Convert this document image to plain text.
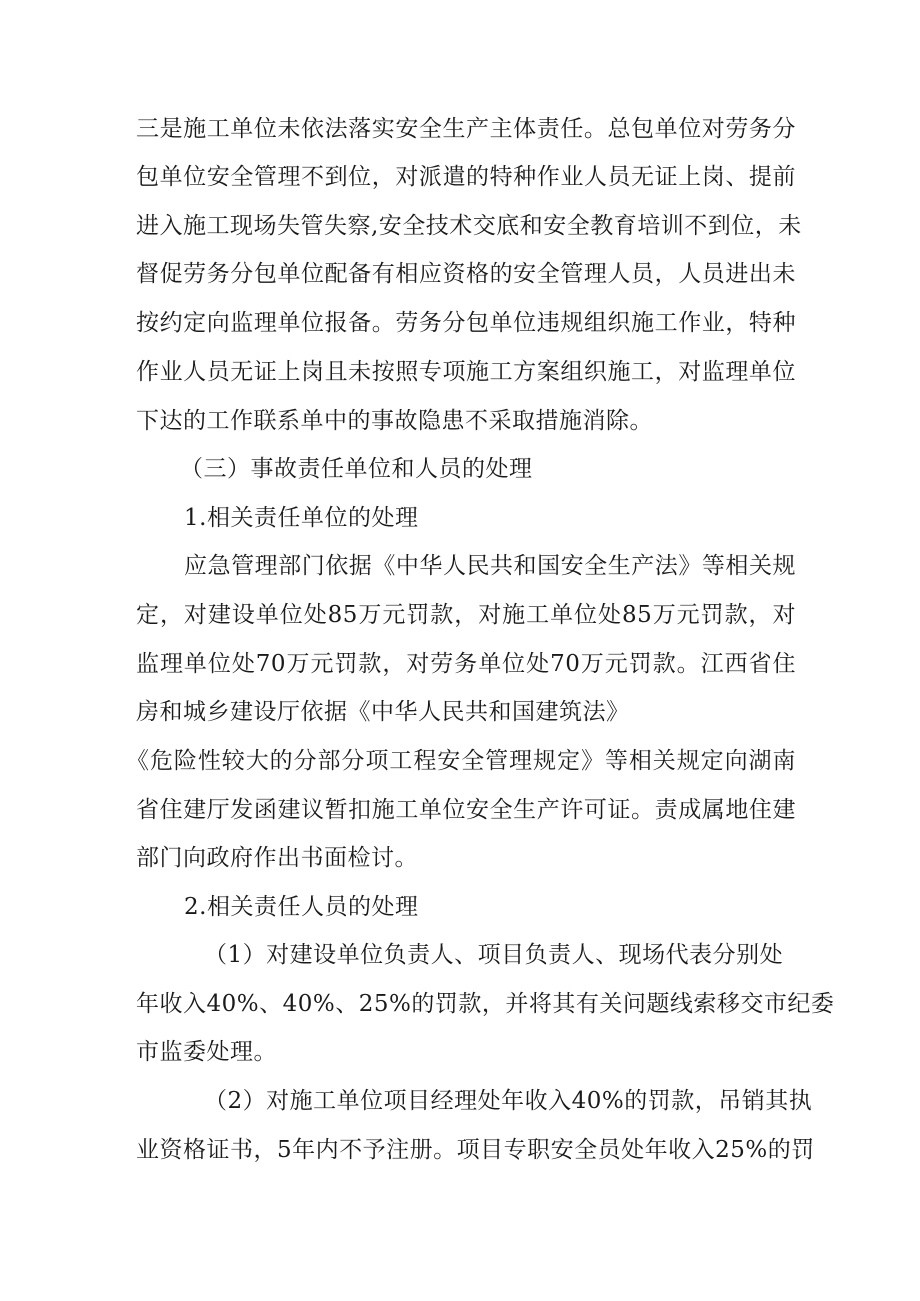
三是施工单位未依法落实安全生产主体责任。总包单位对劳务分
包单位安全管理不到位，对派遣的特种作业人员无证上岗、提前
进入施工现场失管失察,安全技术交底和安全教育培训不到位，未
督促劳务分包单位配备有相应资格的安全管理人员，人员进出未
按约定向监理单位报备。劳务分包单位违规组织施工作业，特种
作业人员无证上岗且未按照专项施工方案组织施工，对监理单位
下达的工作联系单中的事故隐患不采取措施消除。
（三）事故责任单位和人员的处理
1.相关责任单位的处理
应急管理部门依据《中华人民共和国安全生产法》等相关规
定，对建设单位处85万元罚款，对施工单位处85万元罚款，对
监理单位处70万元罚款，对劳务单位处70万元罚款。江西省住
房和城乡建设厅依据《中华人民共和国建筑法》
《危险性较大的分部分项工程安全管理规定》等相关规定向湖南
省住建厅发函建议暂扣施工单位安全生产许可证。责成属地住建
部门向政府作出书面检讨。
2.相关责任人员的处理
（1）对建设单位负责人、项目负责人、现场代表分别处
年收入40%、40%、25%的罚款，并将其有关问题线索移交市纪委
市监委处理。
（2）对施工单位项目经理处年收入40%的罚款，吊销其执
业资格证书，5年内不予注册。项目专职安全员处年收入25%的罚
